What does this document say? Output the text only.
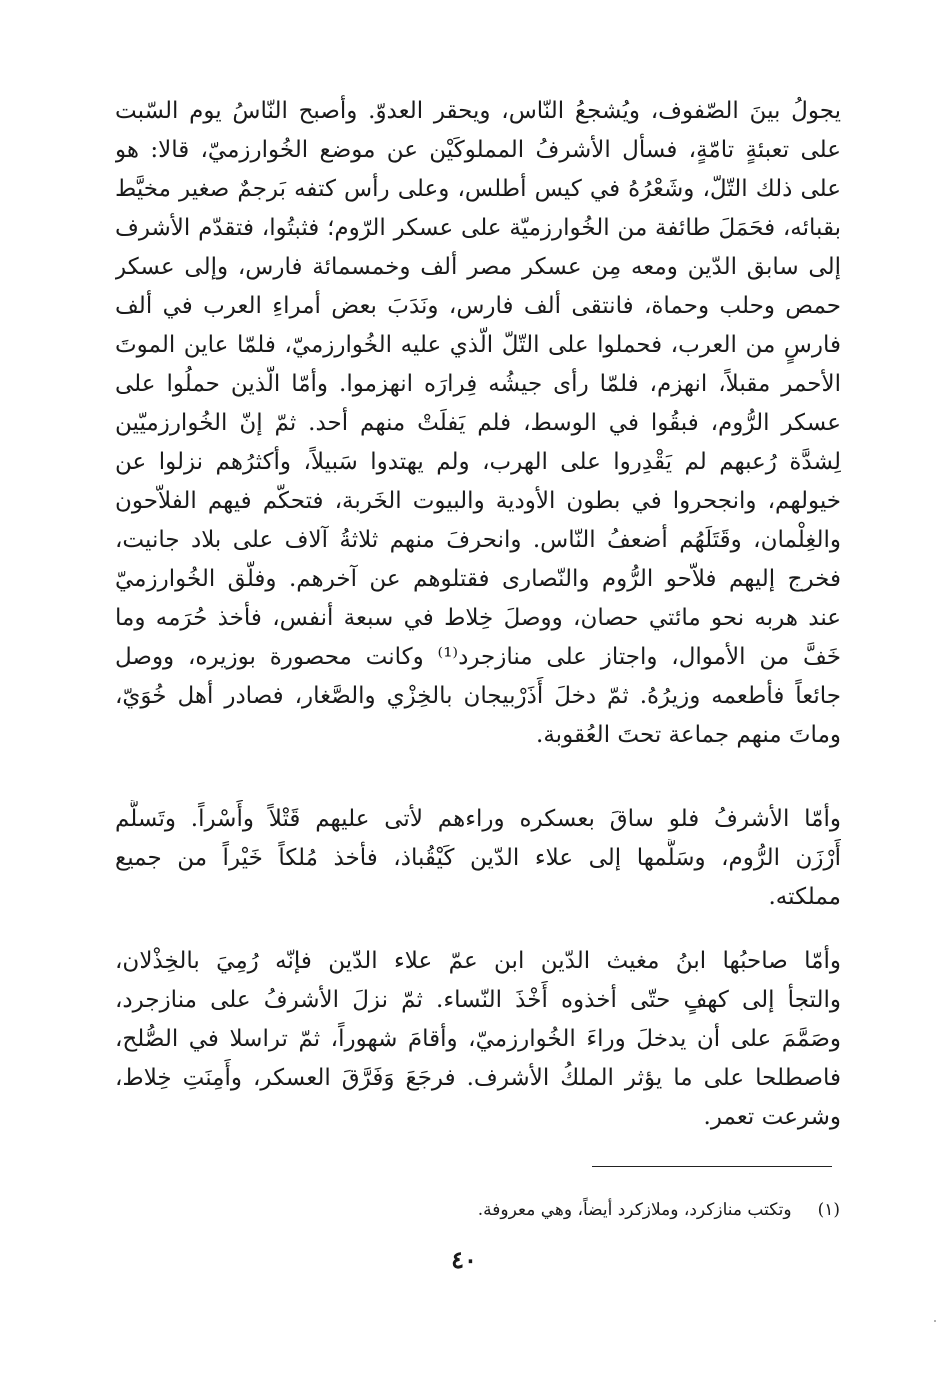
يجولُ بينَ الصّفوف، ويُشجعُ النّاس، ويحقر العدوّ. وأصبح النّاسُ يوم السّبت
على تعبئةٍ تامّةٍ، فسأل الأشرفُ المملوكَيْن عن موضع الخُوارزميّ، قالا: هو
على ذلك التّلّ، وشَعْرُهُ في كيس أطلس، وعلى رأس كتفه بَرجمٌ صغير مخيَّط
بقبائه، فحَمَلَ طائفة من الخُوارزميّة على عسكر الرّوم؛ فثبتُوا، فتقدّم الأشرف
إلى سابق الدّين ومعه مِن عسكر مصر ألف وخمسمائة فارس، وإلى عسكر
حمص وحلب وحماة، فانتقى ألف فارس، ونَدَبَ بعض أمراءِ العرب في ألف
فارسٍ من العرب، فحملوا على التّلّ الّذي عليه الخُوارزميّ، فلمّا عاين الموتَ
الأحمر مقبلاً، انهزم، فلمّا رأى جيشُه فِرارَه انهزموا. وأمّا الّذين حملُوا على
عسكر الرُّوم، فبقُوا في الوسط، فلم يَفلَتْ منهم أحد. ثمّ إنّ الخُوارزميّين
لِشدَّة رُعبهم لم يَقْدِروا على الهرب، ولم يهتدوا سَبيلاً، وأكثرُهم نزلوا عن
خيولهم، وانجحروا في بطون الأودية والبيوت الخَربة، فتحكّم فيهم الفلاّحون
والغِلْمان، وقَتَلَهُم أضعفُ النّاس. وانحرفَ منهم ثلاثةُ آلاف على بلاد جانيت،
فخرج إليهم فلاّحو الرُّوم والنّصارى فقتلوهم عن آخرهم. وفلّق الخُوارزميّ
عند هربه نحو مائتي حصان، ووصلَ خِلاط في سبعة أنفس، فأخذ حُرَمه وما
خَفَّ من الأموال، واجتاز على منازجرد⁽¹⁾ وكانت محصورة بوزيره، ووصل
جائعاً فأطعمه وزيرُهُ. ثمّ دخلَ أَذَرْبيجان بالخِزْي والصَّغار، فصادر أهل خُوَيّ،
وماتَ منهم جماعة تحتَ العُقوبة.
وأمّا الأشرفُ فلو ساقَ بعسكره وراءهم لأتى عليهم قَتْلاً وأَسْراً. وتَسلَّم
أَرْزَن الرُّوم، وسَلَّمها إلى علاء الدّين كَيْقُباذ، فأخذ مُلكاً خَيْراً من جميع
مملكته.
وأمّا صاحبُها ابنُ مغيث الدّين ابن عمّ علاء الدّين فإنّه رُمِيَ بالخِذْلان،
والتجأ إلى كهفٍ حتّى أخذوه أَخْذَ النّساء. ثمّ نزلَ الأشرفُ على منازجرد،
وصَمَّمَ على أن يدخلَ وراءَ الخُوارزميّ، وأقامَ شهوراً، ثمّ تراسلا في الصُّلح،
فاصطلحا على ما يؤثر الملكُ الأشرف. فرجَعَ وَفَرَّقَ العسكر، وأَمِنَتِ خِلاط،
وشرعت تعمر.
(١)وتكتب منازكرد، وملازكرد أيضاً، وهي معروفة.
٤٠
